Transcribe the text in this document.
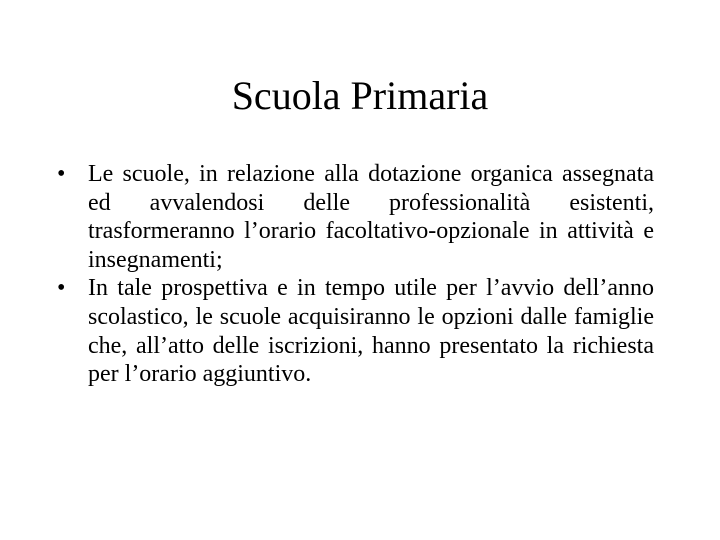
Scuola Primaria
• Le scuole, in relazione alla dotazione organica assegnata ed avvalendosi delle professionalità esistenti, trasformeranno l’orario facoltativo-opzionale in attività e insegnamenti;
• In tale prospettiva e in tempo utile per l’avvio dell’anno scolastico, le scuole acquisiranno le opzioni dalle famiglie che, all’atto delle iscrizioni, hanno presentato la richiesta per l’orario aggiuntivo.
